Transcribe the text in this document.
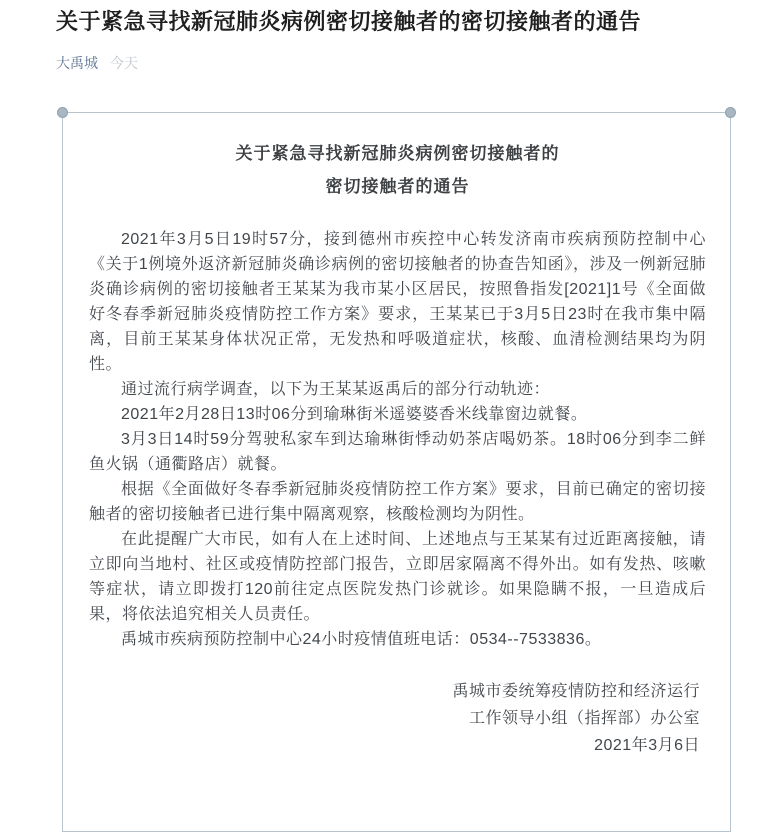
关于紧急寻找新冠肺炎病例密切接触者的密切接触者的通告
大禹城 今天
关于紧急寻找新冠肺炎病例密切接触者的
密切接触者的通告

2021年3月5日19时57分，接到德州市疾控中心转发济南市疾病预防控制中心《关于1例境外返济新冠肺炎确诊病例的密切接触者的协查告知函》，涉及一例新冠肺炎确诊病例的密切接触者王某某为我市某小区居民，按照鲁指发[2021]1号《全面做好冬春季新冠肺炎疫情防控工作方案》要求，王某某已于3月5日23时在我市集中隔离，目前王某某身体状况正常，无发热和呼吸道症状，核酸、血清检测结果均为阴性。

通过流行病学调查，以下为王某某返禹后的部分行动轨迹：

2021年2月28日13时06分到瑜琳街米遥婆婆香米线靠窗边就餐。

3月3日14时59分驾驶私家车到达瑜琳街悸动奶茶店喝奶茶。18时06分到李二鲜鱼火锅（通衢路店）就餐。

根据《全面做好冬春季新冠肺炎疫情防控工作方案》要求，目前已确定的密切接触者的密切接触者已进行集中隔离观察，核酸检测均为阴性。

在此提醒广大市民，如有人在上述时间、上述地点与王某某有过近距离接触，请立即向当地村、社区或疫情防控部门报告，立即居家隔离不得外出。如有发热、咳嗽等症状，请立即拨打120前往定点医院发热门诊就诊。如果隐瞒不报，一旦造成后果，将依法追究相关人员责任。

禹城市疾病预防控制中心24小时疫情值班电话：0534--7533836。

禹城市委统筹疫情防控和经济运行
工作领导小组（指挥部）办公室
2021年3月6日
